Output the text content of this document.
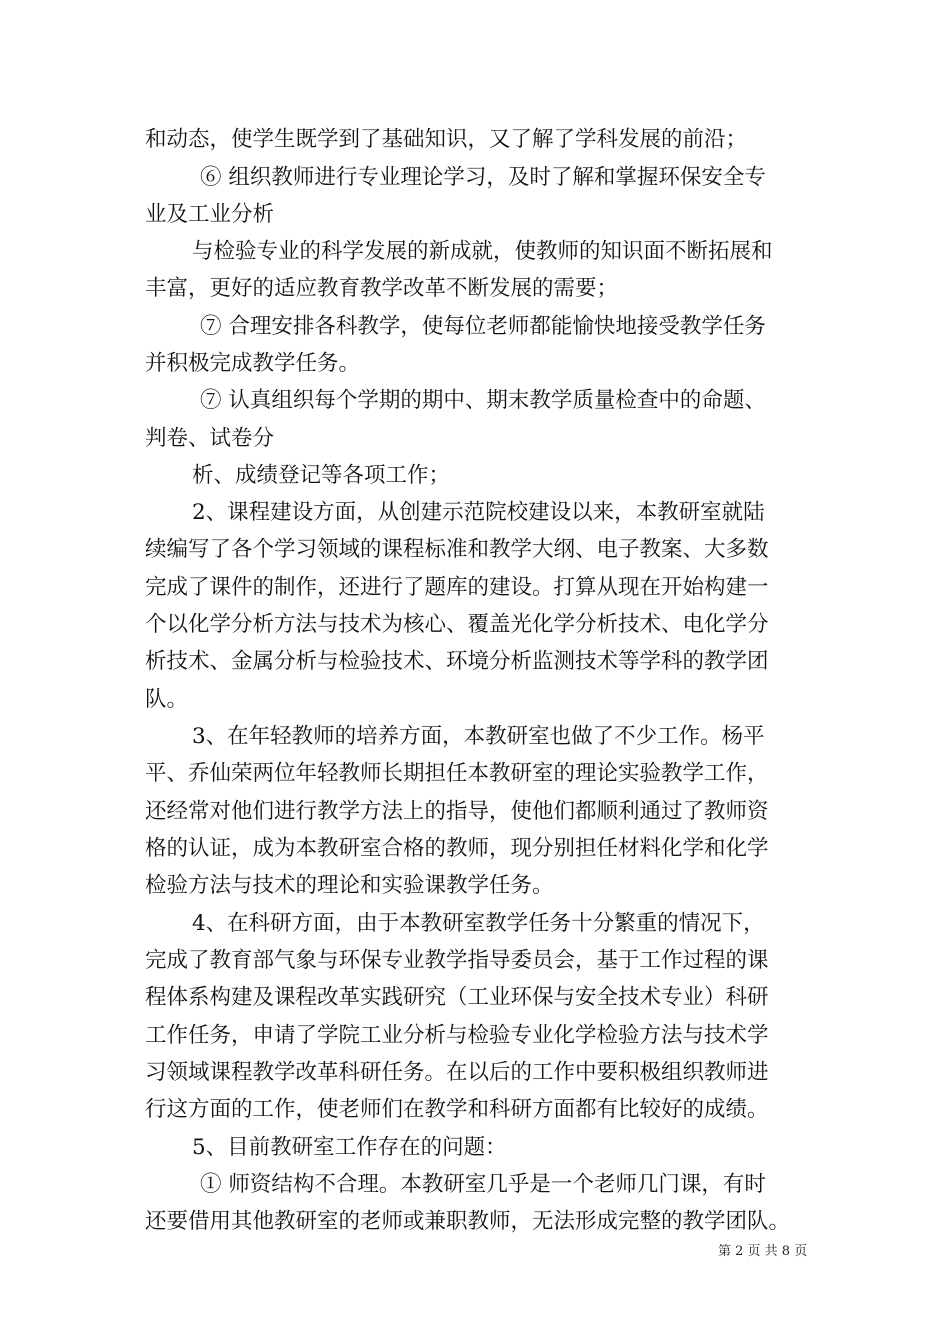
和动态，使学生既学到了基础知识，又了解了学科发展的前沿；
⑥ 组织教师进行专业理论学习，及时了解和掌握环保安全专
业及工业分析
与检验专业的科学发展的新成就，使教师的知识面不断拓展和
丰富，更好的适应教育教学改革不断发展的需要；
⑦ 合理安排各科教学，使每位老师都能愉快地接受教学任务
并积极完成教学任务。
⑦ 认真组织每个学期的期中、期末教学质量检查中的命题、
判卷、试卷分
析、成绩登记等各项工作；
2、课程建设方面，从创建示范院校建设以来，本教研室就陆
续编写了各个学习领域的课程标准和教学大纲、电子教案、大多数
完成了课件的制作，还进行了题库的建设。打算从现在开始构建一
个以化学分析方法与技术为核心、覆盖光化学分析技术、电化学分
析技术、金属分析与检验技术、环境分析监测技术等学科的教学团
队。
3、在年轻教师的培养方面，本教研室也做了不少工作。杨平
平、乔仙荣两位年轻教师长期担任本教研室的理论实验教学工作，
还经常对他们进行教学方法上的指导，使他们都顺利通过了教师资
格的认证，成为本教研室合格的教师，现分别担任材料化学和化学
检验方法与技术的理论和实验课教学任务。
4、在科研方面，由于本教研室教学任务十分繁重的情况下，
完成了教育部气象与环保专业教学指导委员会，基于工作过程的课
程体系构建及课程改革实践研究（工业环保与安全技术专业）科研
工作任务，申请了学院工业分析与检验专业化学检验方法与技术学
习领域课程教学改革科研任务。在以后的工作中要积极组织教师进
行这方面的工作，使老师们在教学和科研方面都有比较好的成绩。
5、目前教研室工作存在的问题：
① 师资结构不合理。本教研室几乎是一个老师几门课，有时
还要借用其他教研室的老师或兼职教师，无法形成完整的教学团队。
第 2 页 共 8 页
